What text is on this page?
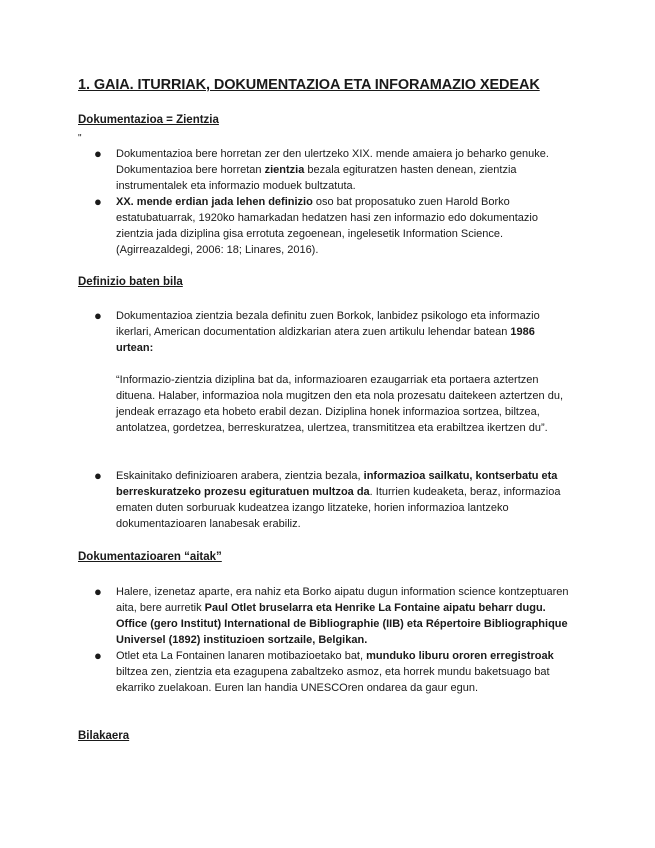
1. GAIA. ITURRIAK, DOKUMENTAZIOA ETA INFORAMAZIO XEDEAK
Dokumentazioa = Zientzia
"
●	Dokumentazioa bere horretan zer den ulertzeko XIX. mende amaiera jo beharko genuke. Dokumentazioa bere horretan zientzia bezala egituratzen hasten denean, zientzia instrumentalek eta informazio moduek bultzatuta.
●	XX. mende erdian jada lehen definizio oso bat proposatuko zuen Harold Borko estatubatuarrak, 1920ko hamarkadan hedatzen hasi zen informazio edo dokumentazio zientzia jada diziplina gisa errotuta zegoenean, ingelesetik Information Science. (Agirreazaldegi, 2006: 18; Linares, 2016).
Definizio baten bila
●	Dokumentazioa zientzia bezala definitu zuen Borkok, lanbidez psikologo eta informazio ikerlari, American documentation aldizkarian atera zuen artikulu lehendar batean 1986 urtean:
“Informazio-zientzia diziplina bat da, informazioaren ezaugarriak eta portaera aztertzen dituena. Halaber, informazioa nola mugitzen den eta nola prozesatu daitekeen aztertzen du, jendeak errazago eta hobeto erabil dezan. Diziplina honek informazioa sortzea, biltzea, antolatzea, gordetzea, berreskuratzea, ulertzea, transmititzea eta erabiltzea ikertzen du”.
●	Eskainitako definizioaren arabera, zientzia bezala, informazioa sailkatu, kontserbatu eta berreskuratzeko prozesu egituratuen multzoa da. Iturrien kudeaketa, beraz, informazioa ematen duten sorburuak kudeatzea izango litzateke, horien informazioa lantzeko dokumentazioaren lanabesak erabiliz.
Dokumentazioaren “aitak”
●	Halere, izenetaz aparte, era nahiz eta Borko aipatu dugun information science kontzeptuaren aita, bere aurretik Paul Otlet bruselarra eta Henrike La Fontaine aipatu beharr dugu. Office (gero Institut) International de Bibliographie (IIB) eta Répertoire Bibliographique Universel (1892) instituzioen sortzaile, Belgikan.
●	Otlet eta La Fontainen lanaren motibazioetako bat, munduko liburu ororen erregistroak biltzea zen, zientzia eta ezagupena zabaltzeko asmoz, eta horrek mundu baketsuago bat ekarriko zuelakoan. Euren lan handia UNESCOren ondarea da gaur egun.
Bilakaera
